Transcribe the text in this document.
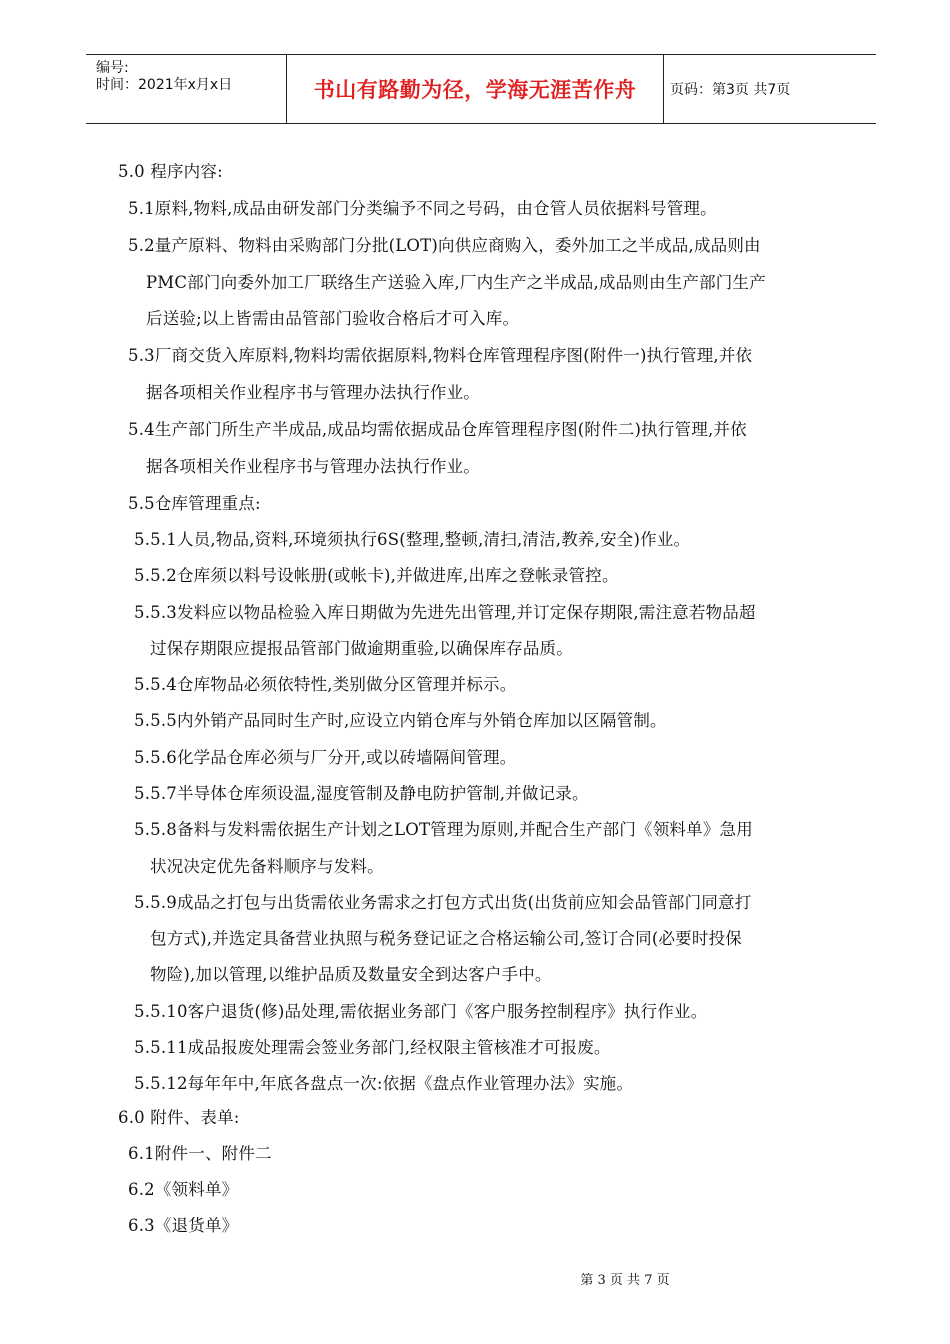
编号:
时间：2021年x月x日	书山有路勤为径，学海无涯苦作舟 页码：第3页 共7页
5.0 程序内容:
5.1原料,物料,成品由研发部门分类编予不同之号码，由仓管人员依据料号管理。
5.2量产原料、物料由采购部门分批(LOT)向供应商购入，委外加工之半成品,成品则由
PMC部门向委外加工厂联络生产送验入库,厂内生产之半成品,成品则由生产部门生产
后送验;以上皆需由品管部门验收合格后才可入库。
5.3厂商交货入库原料,物料均需依据原料,物料仓库管理程序图(附件一)执行管理,并依
据各项相关作业程序书与管理办法执行作业。
5.4生产部门所生产半成品,成品均需依据成品仓库管理程序图(附件二)执行管理,并依
据各项相关作业程序书与管理办法执行作业。
5.5仓库管理重点:
5.5.1人员,物品,资料,环境须执行6S(整理,整顿,清扫,清洁,教养,安全)作业。
5.5.2仓库须以料号设帐册(或帐卡),并做进库,出库之登帐录管控。
5.5.3发料应以物品检验入库日期做为先进先出管理,并订定保存期限,需注意若物品超
过保存期限应提报品管部门做逾期重验,以确保库存品质。
5.5.4仓库物品必须依特性,类别做分区管理并标示。
5.5.5内外销产品同时生产时,应设立内销仓库与外销仓库加以区隔管制。
5.5.6化学品仓库必须与厂分开,或以砖墙隔间管理。
5.5.7半导体仓库须设温,湿度管制及静电防护管制,并做记录。
5.5.8备料与发料需依据生产计划之LOT管理为原则,并配合生产部门《领料单》急用
状况决定优先备料顺序与发料。
5.5.9成品之打包与出货需依业务需求之打包方式出货(出货前应知会品管部门同意打
包方式),并选定具备营业执照与税务登记证之合格运输公司,签订合同(必要时投保
物险),加以管理,以维护品质及数量安全到达客户手中。
5.5.10客户退货(修)品处理,需依据业务部门《客户服务控制程序》执行作业。
5.5.11成品报废处理需会签业务部门,经权限主管核准才可报废。
5.5.12每年年中,年底各盘点一次:依据《盘点作业管理办法》实施。
6.0 附件、表单:
6.1附件一、附件二
6.2《领料单》
6.3《退货单》
第 3 页 共 7 页
